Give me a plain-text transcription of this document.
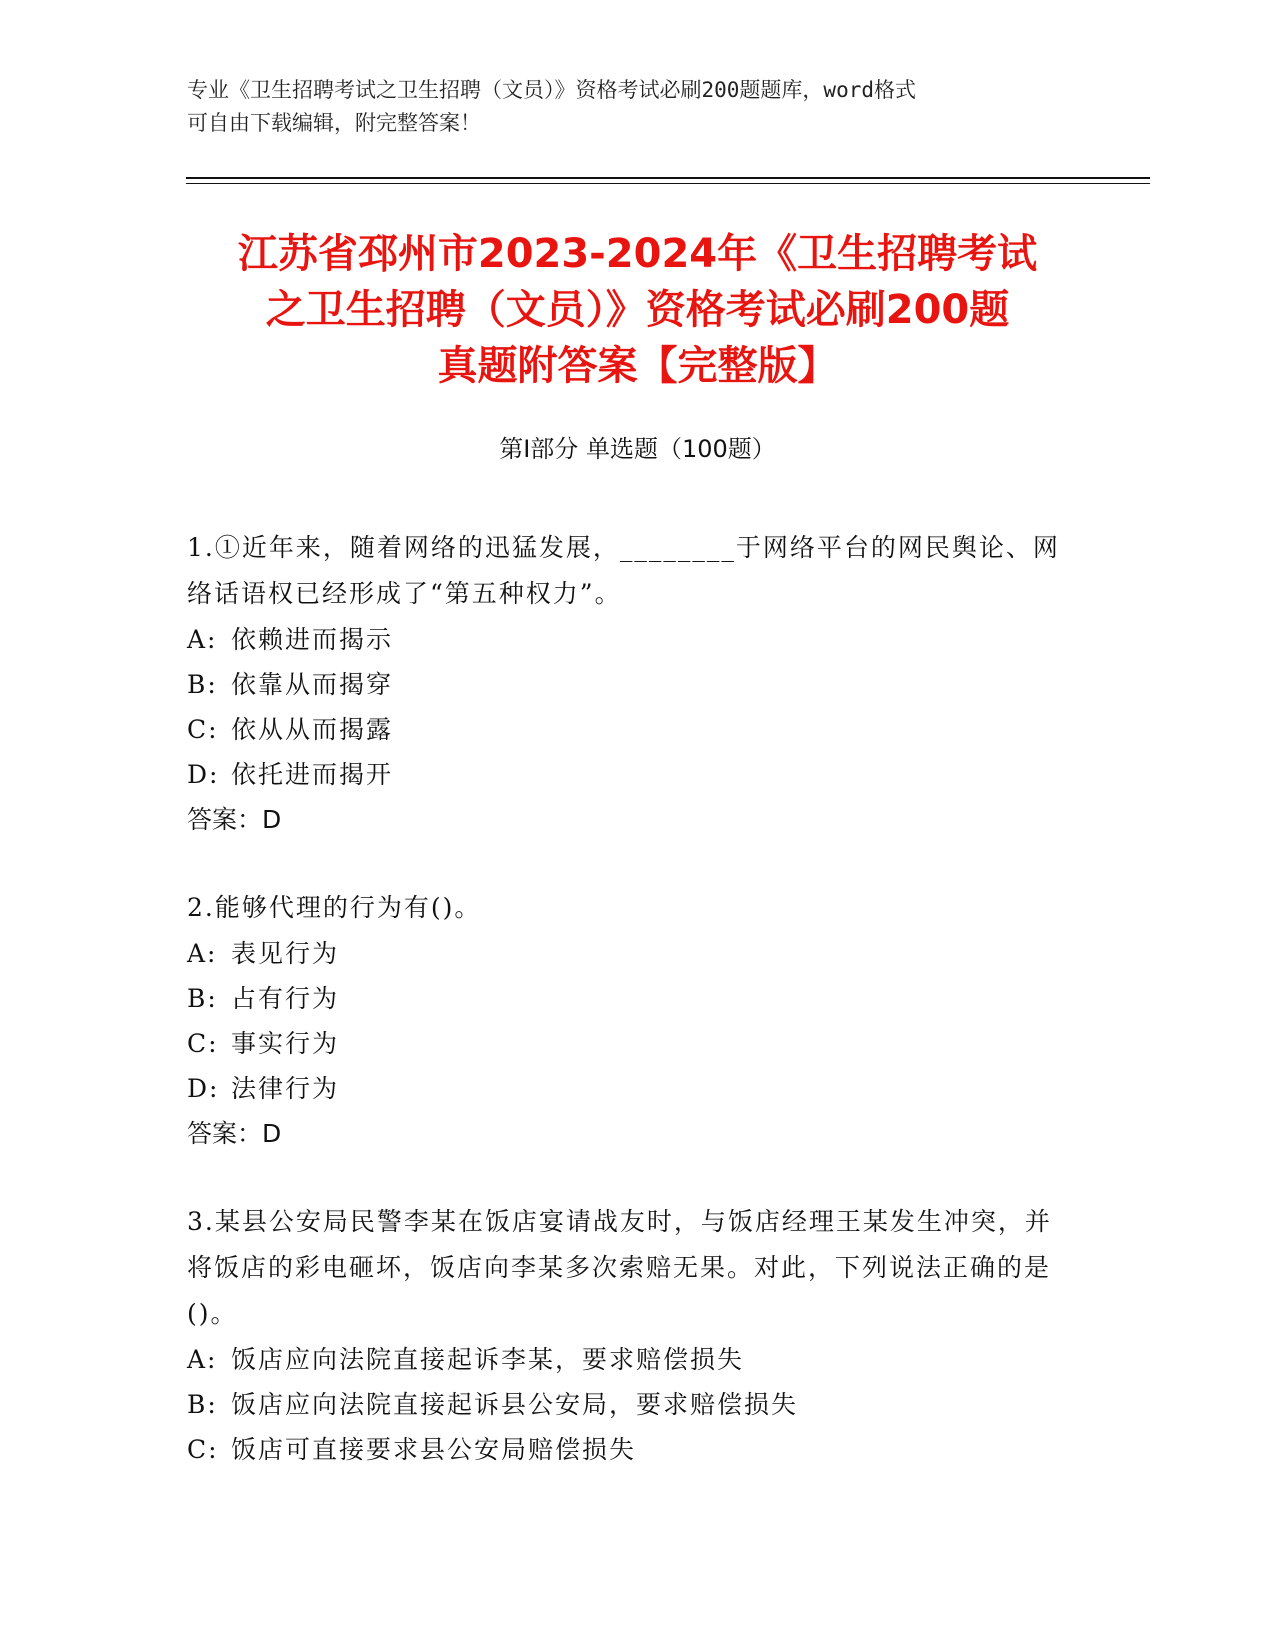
专业《卫生招聘考试之卫生招聘（文员）》资格考试必刷200题题库，word格式
可自由下载编辑，附完整答案！
江苏省邳州市2023-2024年《卫生招聘考试
之卫生招聘（文员）》资格考试必刷200题
真题附答案【完整版】
第Ⅰ部分 单选题（100题）
1.①近年来，随着网络的迅猛发展，________于网络平台的网民舆论、网络话语权已经形成了“第五种权力”。
A: 依赖进而揭示
B: 依靠从而揭穿
C: 依从从而揭露
D: 依托进而揭开
答案：D
2.能够代理的行为有()。
A: 表见行为
B: 占有行为
C: 事实行为
D: 法律行为
答案：D
3.某县公安局民警李某在饭店宴请战友时，与饭店经理王某发生冲突，并将饭店的彩电砸坏，饭店向李某多次索赔无果。对此，下列说法正确的是()。
A: 饭店应向法院直接起诉李某，要求赔偿损失
B: 饭店应向法院直接起诉县公安局，要求赔偿损失
C: 饭店可直接要求县公安局赔偿损失
